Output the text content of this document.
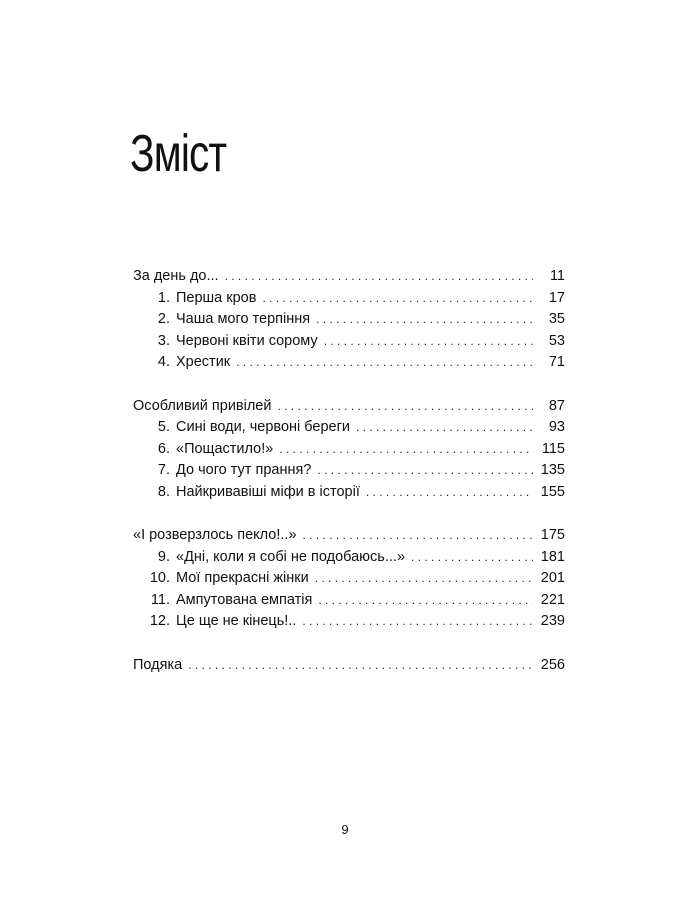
Зміст
За день до... . . .	11
1. Перша кров . . .	17
2. Чаша мого терпіння . . .	35
3. Червоні квіти сорому . . .	53
4. Хрестик . . .	71
Особливий привілей . . .	87
5. Сині води, червоні береги . . .	93
6. «Пощастило!» . . .	115
7. До чого тут прання? . . .	135
8. Найкривавіші міфи в історії . . .	155
«І розверзлось пекло!..» . . .	175
9. «Дні, коли я собі не подобаюсь...» . . .	181
10. Мої прекрасні жінки . . .	201
11. Ампутована емпатія . . .	221
12. Це ще не кінець!.. . . .	239
Подяка . . .	256
9
